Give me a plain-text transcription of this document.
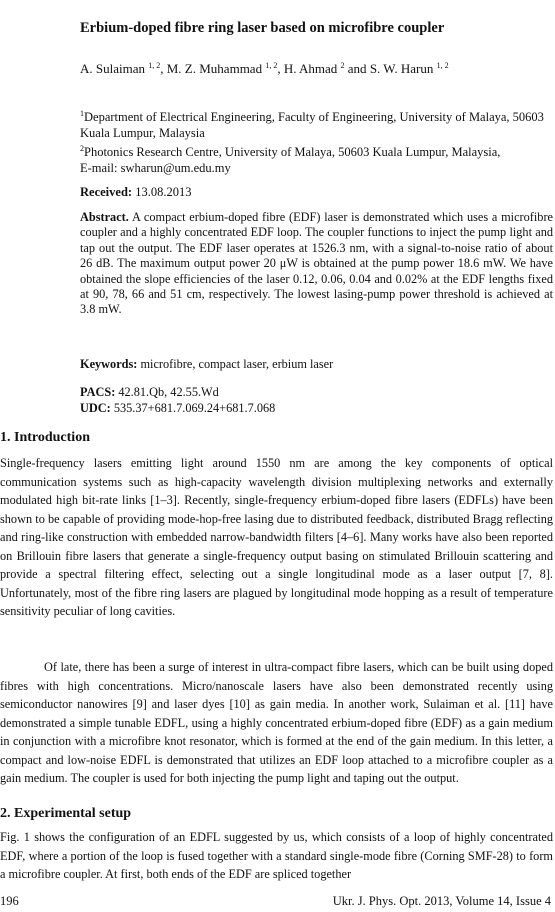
Erbium-doped fibre ring laser based on microfibre coupler
A. Sulaiman $^{1, 2}$, M. Z. Muhammad $^{1, 2}$, H. Ahmad $^2$ and S. W. Harun $^{1, 2}$
$^1$Department of Electrical Engineering, Faculty of Engineering, University of Malaya, 50603 Kuala Lumpur, Malaysia
$^2$Photonics Research Centre, University of Malaya, 50603 Kuala Lumpur, Malaysia,
E-mail: swharun@um.edu.my
Received: 13.08.2013
Abstract. A compact erbium-doped fibre (EDF) laser is demonstrated which uses a microfibre coupler and a highly concentrated EDF loop. The coupler functions to inject the pump light and tap out the output. The EDF laser operates at 1526.3 nm, with a signal-to-noise ratio of about 26 dB. The maximum output power 20 μW is obtained at the pump power 18.6 mW. We have obtained the slope efficiencies of the laser 0.12, 0.06, 0.04 and 0.02% at the EDF lengths fixed at 90, 78, 66 and 51 cm, respectively. The lowest lasing-pump power threshold is achieved at 3.8 mW.
Keywords: microfibre, compact laser, erbium laser
PACS: 42.81.Qb, 42.55.Wd
UDC: 535.37+681.7.069.24+681.7.068
1. Introduction
Single-frequency lasers emitting light around 1550 nm are among the key components of optical communication systems such as high-capacity wavelength division multiplexing networks and externally modulated high bit-rate links [1–3]. Recently, single-frequency erbium-doped fibre lasers (EDFLs) have been shown to be capable of providing mode-hop-free lasing due to distributed feedback, distributed Bragg reflecting and ring-like construction with embedded narrow-bandwidth filters [4–6]. Many works have also been reported on Brillouin fibre lasers that generate a single-frequency output basing on stimulated Brillouin scattering and provide a spectral filtering effect, selecting out a single longitudinal mode as a laser output [7, 8]. Unfortunately, most of the fibre ring lasers are plagued by longitudinal mode hopping as a result of temperature sensitivity peculiar of long cavities.
Of late, there has been a surge of interest in ultra-compact fibre lasers, which can be built using doped fibres with high concentrations. Micro/nanoscale lasers have also been demonstrated recently using semiconductor nanowires [9] and laser dyes [10] as gain media. In another work, Sulaiman et al. [11] have demonstrated a simple tunable EDFL, using a highly concentrated erbium-doped fibre (EDF) as a gain medium in conjunction with a microfibre knot resonator, which is formed at the end of the gain medium. In this letter, a compact and low-noise EDFL is demonstrated that utilizes an EDF loop attached to a microfibre coupler as a gain medium. The coupler is used for both injecting the pump light and taping out the output.
2. Experimental setup
Fig. 1 shows the configuration of an EDFL suggested by us, which consists of a loop of highly concentrated EDF, where a portion of the loop is fused together with a standard single-mode fibre (Corning SMF-28) to form a microfibre coupler. At first, both ends of the EDF are spliced together
196	Ukr. J. Phys. Opt. 2013, Volume 14, Issue 4
